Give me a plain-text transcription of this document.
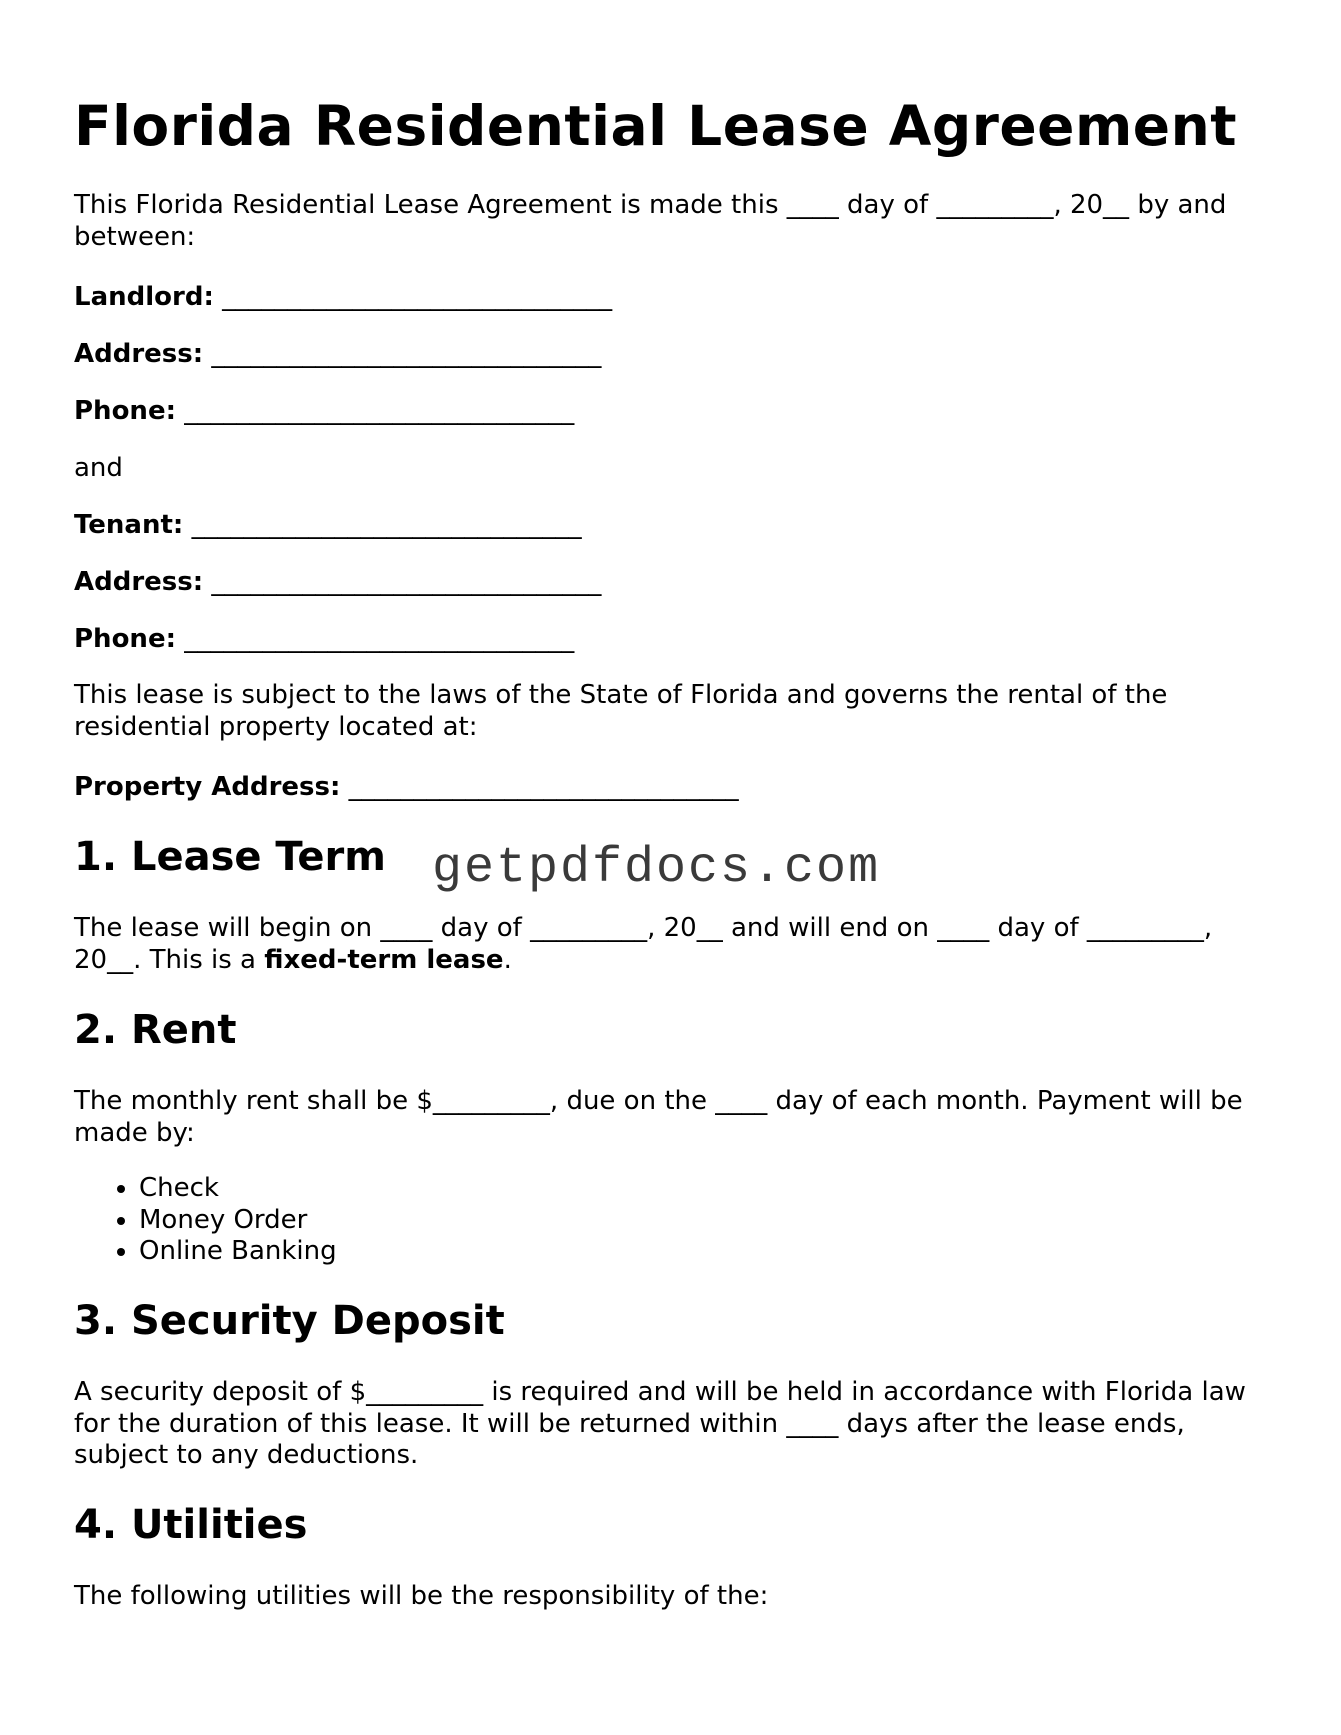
Florida Residential Lease Agreement

This Florida Residential Lease Agreement is made this ____ day of _________, 20__ by and between:

Landlord: ______________________________
Address: ______________________________
Phone: ______________________________
and
Tenant: ______________________________
Address: ______________________________
Phone: ______________________________

This lease is subject to the laws of the State of Florida and governs the rental of the residential property located at:

Property Address: ______________________________
1. Lease Term

The lease will begin on ____ day of _________, 20__ and will end on ____ day of _________, 20__. This is a fixed-term lease.

2. Rent

The monthly rent shall be $_________, due on the ____ day of each month. Payment will be made by:

• Check
• Money Order
• Online Banking
3. Security Deposit

A security deposit of $_________ is required and will be held in accordance with Florida law for the duration of this lease. It will be returned within ____ days after the lease ends, subject to any deductions.

4. Utilities

The following utilities will be the responsibility of the:

getpdfdocs.com
